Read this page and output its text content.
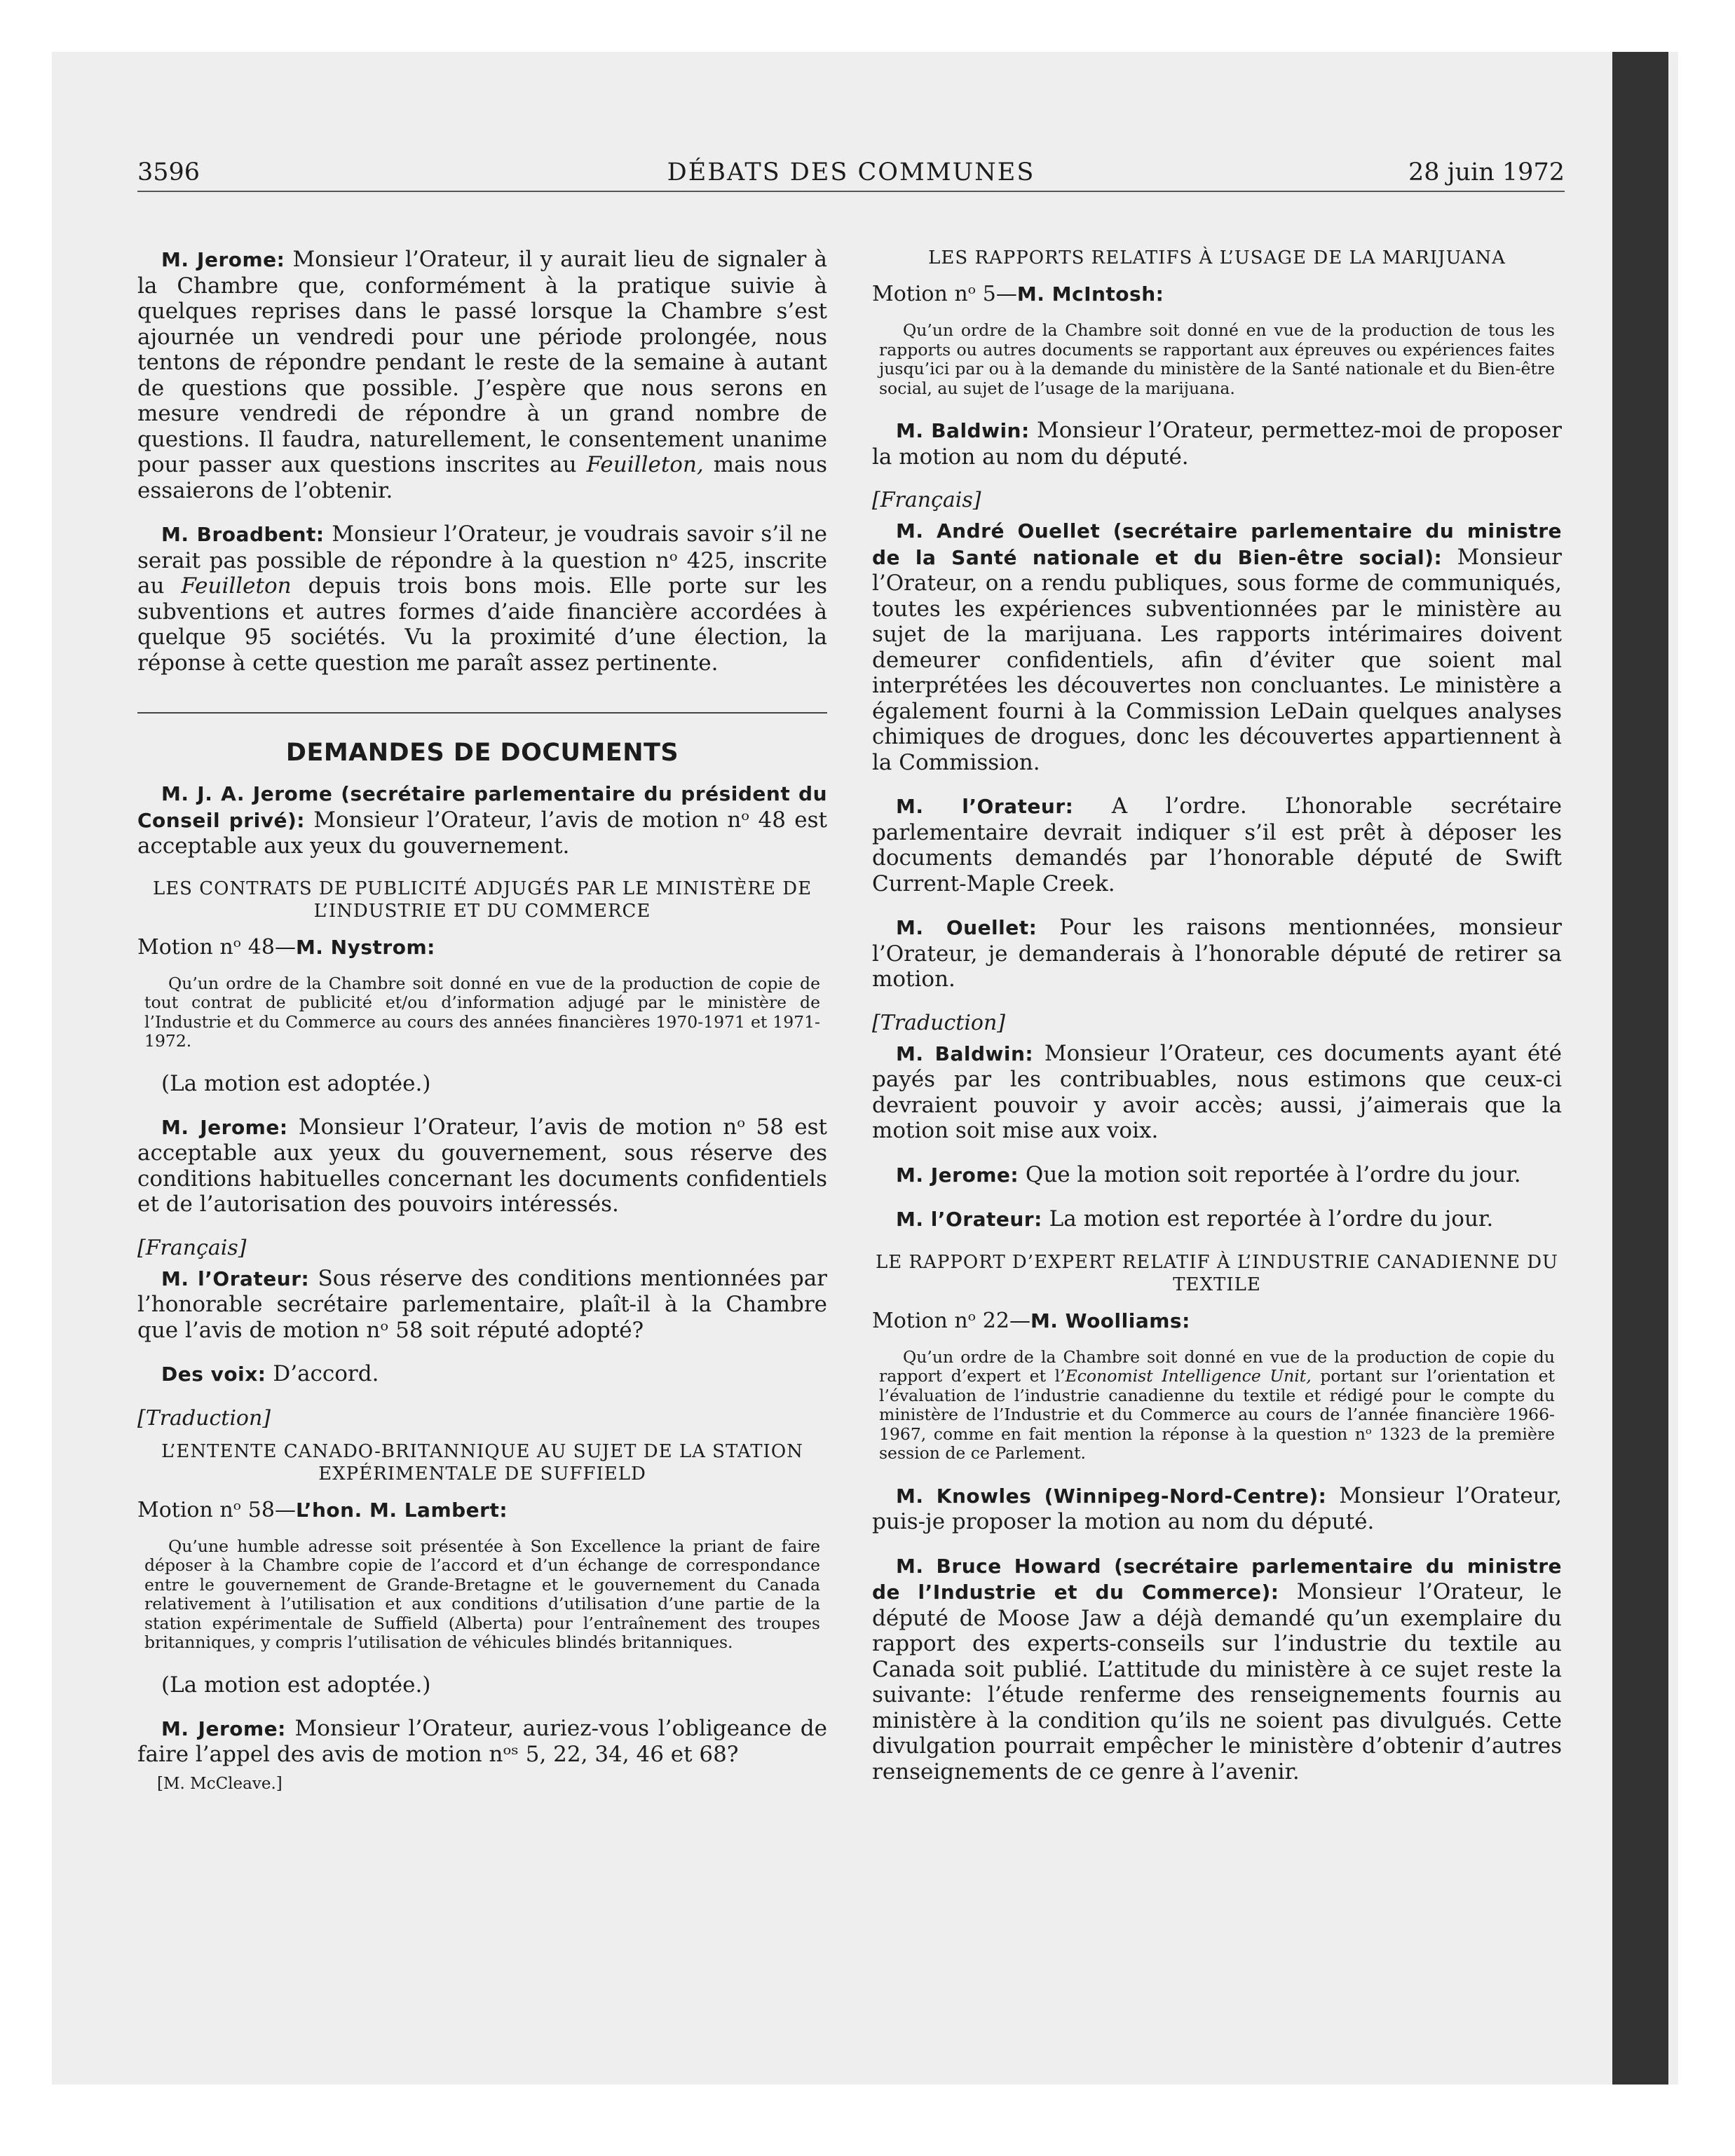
3596	DÉBATS DES COMMUNES	28 juin 1972

M. Jerome: Monsieur l’Orateur, il y aurait lieu de signaler à la Chambre que, conformément à la pratique suivie à quelques reprises dans le passé lorsque la Chambre s’est ajournée un vendredi pour une période prolongée, nous tentons de répondre pendant le reste de la semaine à autant de questions que possible. J’espère que nous serons en mesure vendredi de répondre à un grand nombre de questions. Il faudra, naturellement, le consentement unanime pour passer aux questions inscrites au Feuilleton, mais nous essaierons de l’obtenir.

M. Broadbent: Monsieur l’Orateur, je voudrais savoir s’il ne serait pas possible de répondre à la question nᵒ 425, inscrite au Feuilleton depuis trois bons mois. Elle porte sur les subventions et autres formes d’aide financière accordées à quelque 95 sociétés. Vu la proximité d’une élection, la réponse à cette question me paraît assez pertinente.

DEMANDES DE DOCUMENTS

M. J. A. Jerome (secrétaire parlementaire du président du Conseil privé): Monsieur l’Orateur, l’avis de motion nᵒ 48 est acceptable aux yeux du gouvernement.

LES CONTRATS DE PUBLICITÉ ADJUGÉS PAR LE MINISTÈRE DE L’INDUSTRIE ET DU COMMERCE

Motion nᵒ 48—M. Nystrom:

Qu’un ordre de la Chambre soit donné en vue de la production de copie de tout contrat de publicité et/ou d’information adjugé par le ministère de l’Industrie et du Commerce au cours des années financières 1970-1971 et 1971-1972.

(La motion est adoptée.)

M. Jerome: Monsieur l’Orateur, l’avis de motion nᵒ 58 est acceptable aux yeux du gouvernement, sous réserve des conditions habituelles concernant les documents confidentiels et de l’autorisation des pouvoirs intéressés.

[Français]

M. l’Orateur: Sous réserve des conditions mentionnées par l’honorable secrétaire parlementaire, plaît-il à la Chambre que l’avis de motion nᵒ 58 soit réputé adopté?

Des voix: D’accord.

[Traduction]

L’ENTENTE CANADO-BRITANNIQUE AU SUJET DE LA STATION EXPÉRIMENTALE DE SUFFIELD

Motion nᵒ 58—L’hon. M. Lambert:

Qu’une humble adresse soit présentée à Son Excellence la priant de faire déposer à la Chambre copie de l’accord et d’un échange de correspondance entre le gouvernement de Grande-Bretagne et le gouvernement du Canada relativement à l’utilisation et aux conditions d’utilisation d’une partie de la station expérimentale de Suffield (Alberta) pour l’entraînement des troupes britanniques, y compris l’utilisation de véhicules blindés britanniques.

(La motion est adoptée.)

M. Jerome: Monsieur l’Orateur, auriez-vous l’obligeance de faire l’appel des avis de motion nᵒˢ 5, 22, 34, 46 et 68?

[M. McCleave.]

LES RAPPORTS RELATIFS À L’USAGE DE LA MARIJUANA

Motion nᵒ 5—M. McIntosh:

Qu’un ordre de la Chambre soit donné en vue de la production de tous les rapports ou autres documents se rapportant aux épreuves ou expériences faites jusqu’ici par ou à la demande du ministère de la Santé nationale et du Bien-être social, au sujet de l’usage de la marijuana.

M. Baldwin: Monsieur l’Orateur, permettez-moi de proposer la motion au nom du député.

[Français]

M. André Ouellet (secrétaire parlementaire du ministre de la Santé nationale et du Bien-être social): Monsieur l’Orateur, on a rendu publiques, sous forme de communiqués, toutes les expériences subventionnées par le ministère au sujet de la marijuana. Les rapports intérimaires doivent demeurer confidentiels, afin d’éviter que soient mal interprétées les découvertes non concluantes. Le ministère a également fourni à la Commission LeDain quelques analyses chimiques de drogues, donc les découvertes appartiennent à la Commission.

M. l’Orateur: A l’ordre. L’honorable secrétaire parlementaire devrait indiquer s’il est prêt à déposer les documents demandés par l’honorable député de Swift Current-Maple Creek.

M. Ouellet: Pour les raisons mentionnées, monsieur l’Orateur, je demanderais à l’honorable député de retirer sa motion.

[Traduction]

M. Baldwin: Monsieur l’Orateur, ces documents ayant été payés par les contribuables, nous estimons que ceux-ci devraient pouvoir y avoir accès; aussi, j’aimerais que la motion soit mise aux voix.

M. Jerome: Que la motion soit reportée à l’ordre du jour.

M. l’Orateur: La motion est reportée à l’ordre du jour.

LE RAPPORT D’EXPERT RELATIF À L’INDUSTRIE CANADIENNE DU TEXTILE

Motion nᵒ 22—M. Woolliams:

Qu’un ordre de la Chambre soit donné en vue de la production de copie du rapport d’expert et l’Economist Intelligence Unit, portant sur l’orientation et l’évaluation de l’industrie canadienne du textile et rédigé pour le compte du ministère de l’Industrie et du Commerce au cours de l’année financière 1966-1967, comme en fait mention la réponse à la question nᵒ 1323 de la première session de ce Parlement.

M. Knowles (Winnipeg-Nord-Centre): Monsieur l’Orateur, puis-je proposer la motion au nom du député.

M. Bruce Howard (secrétaire parlementaire du ministre de l’Industrie et du Commerce): Monsieur l’Orateur, le député de Moose Jaw a déjà demandé qu’un exemplaire du rapport des experts-conseils sur l’industrie du textile au Canada soit publié. L’attitude du ministère à ce sujet reste la suivante: l’étude renferme des renseignements fournis au ministère à la condition qu’ils ne soient pas divulgués. Cette divulgation pourrait empêcher le ministère d’obtenir d’autres renseignements de ce genre à l’avenir.
